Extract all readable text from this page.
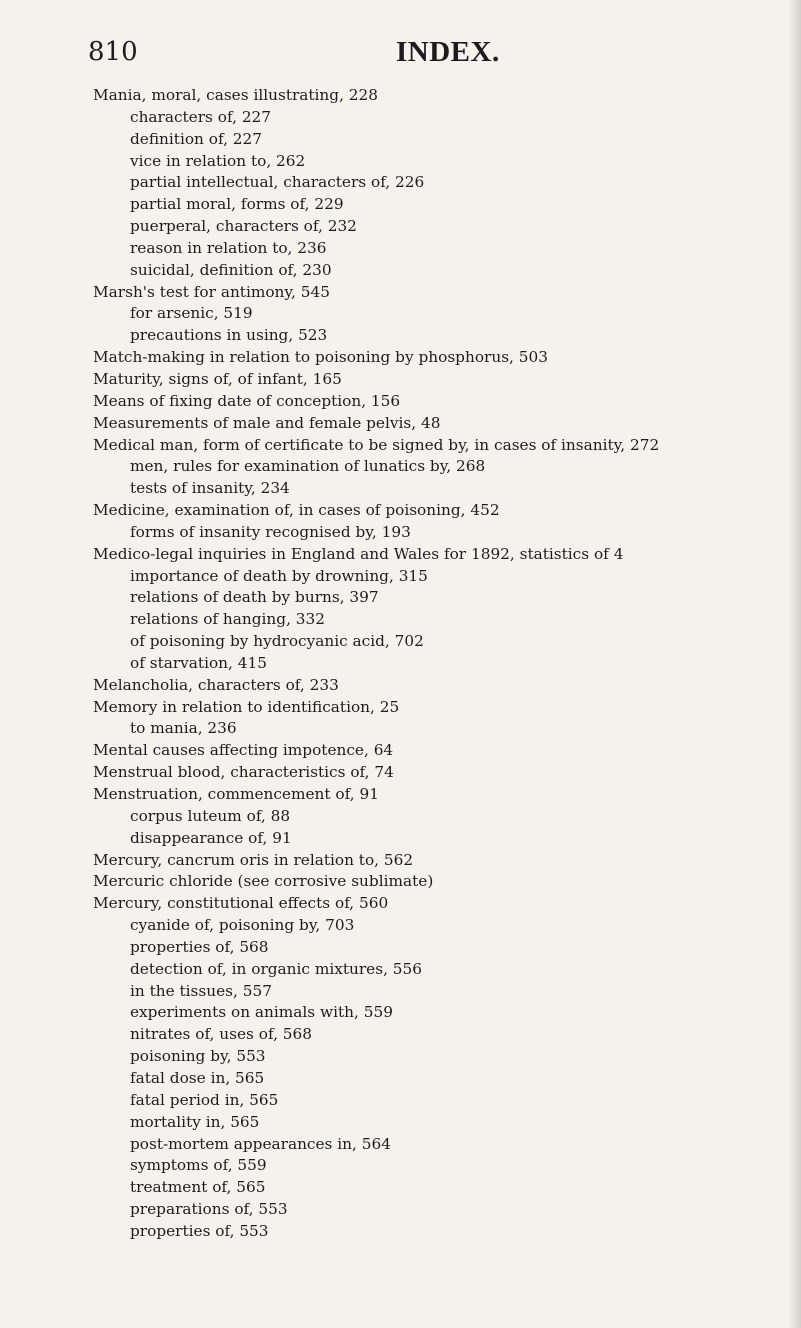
810	INDEX.
Mania, moral, cases illustrating, 228
characters of, 227
definition of, 227
vice in relation to, 262
partial intellectual, characters of, 226
partial moral, forms of, 229
puerperal, characters of, 232
reason in relation to, 236
suicidal, definition of, 230
Marsh's test for antimony, 545
for arsenic, 519
precautions in using, 523
Match-making in relation to poisoning by phosphorus, 503
Maturity, signs of, of infant, 165
Means of fixing date of conception, 156
Measurements of male and female pelvis, 48
Medical man, form of certificate to be signed by, in cases of insanity, 272
men, rules for examination of lunatics by, 268
tests of insanity, 234
Medicine, examination of, in cases of poisoning, 452
forms of insanity recognised by, 193
Medico-legal inquiries in England and Wales for 1892, statistics of 4
importance of death by drowning, 315
relations of death by burns, 397
relations of hanging, 332
of poisoning by hydrocyanic acid, 702
of starvation, 415
Melancholia, characters of, 233
Memory in relation to identification, 25
to mania, 236
Mental causes affecting impotence, 64
Menstrual blood, characteristics of, 74
Menstruation, commencement of, 91
corpus luteum of, 88
disappearance of, 91
Mercury, cancrum oris in relation to, 562
Mercuric chloride (see corrosive sublimate)
Mercury, constitutional effects of, 560
cyanide of, poisoning by, 703
properties of, 568
detection of, in organic mixtures, 556
in the tissues, 557
experiments on animals with, 559
nitrates of, uses of, 568
poisoning by, 553
fatal dose in, 565
fatal period in, 565
mortality in, 565
post-mortem appearances in, 564
symptoms of, 559
treatment of, 565
preparations of, 553
properties of, 553
